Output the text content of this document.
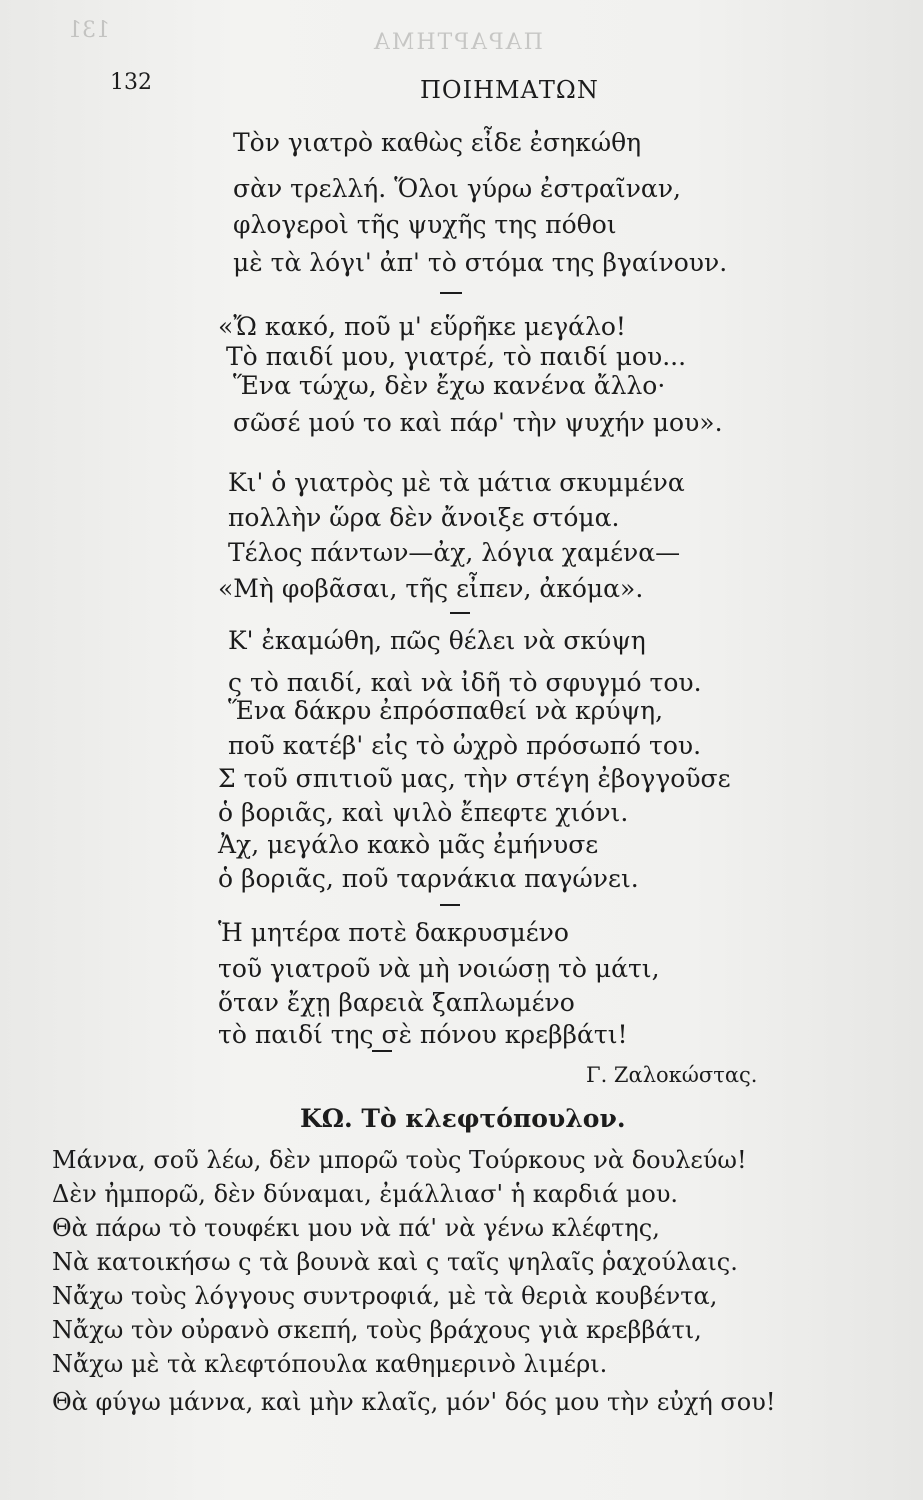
131	ΠΑΡΑΡΤΗΜΑ
132	ΠΟΙΗΜΑΤΩΝ
Τὸν γιατρὸ καθὼς εἶδε ἐσηκώθη
σὰν τρελλή. Ὅλοι γύρω ἐστραῖναν,
φλογεροὶ τῆς ψυχῆς της πόθοι
μὲ τὰ λόγι' ἀπ' τὸ στόμα της βγαίνουν.
«Ὤ κακό, ποῦ μ' εὕρῆκε μεγάλο!
Τὸ παιδί μου, γιατρέ, τὸ παιδί μου...
Ἕνα τώχω, δὲν ἔχω κανένα ἄλλο·
σῶσέ μού το καὶ πάρ' τὴν ψυχήν μου».
Κι' ὁ γιατρὸς μὲ τὰ μάτια σκυμμένα
πολλὴν ὥρα δὲν ἄνοιξε στόμα.
Τέλος πάντων—ἀχ, λόγια χαμένα—
«Μὴ φοβᾶσαι, τῆς εἶπεν, ἀκόμα».
Κ' ἐκαμώθη, πῶς θέλει νὰ σκύψη
ς τὸ παιδί, καὶ νὰ ἰδῆ τὸ σφυγμό του.
Ἕνα δάκρυ ἐπρόσπαθεί νὰ κρύψη,
ποῦ κατέβ' εἰς τὸ ὠχρὸ πρόσωπό του.
Σ τοῦ σπιτιοῦ μας, τὴν στέγη ἐβογγοῦσε
ὁ βοριᾶς, καὶ ψιλὸ ἔπεφτε χιόνι.
Ἀχ, μεγάλο κακὸ μᾶς ἐμήνυσε
ὁ βοριᾶς, ποῦ ταρνάκια παγώνει.
Ἡ μητέρα ποτὲ δακρυσμένο
τοῦ γιατροῦ νὰ μὴ νοιώσῃ τὸ μάτι,
ὅταν ἔχῃ βαρειὰ ξαπλωμένο
τὸ παιδί της σὲ πόνου κρεββάτι!
Γ. Ζαλοκώστας.
ΚΩ. Τὸ κλεφτόπουλον.
Μάννα, σοῦ λέω, δὲν μπορῶ τοὺς Τούρκους νὰ δουλεύω!
Δὲν ἠμπορῶ, δὲν δύναμαι, ἐμάλλιασ' ἡ καρδιά μου.
Θὰ πάρω τὸ τουφέκι μου νὰ πά' νὰ γένω κλέφτης,
Νὰ κατοικήσω ς τὰ βουνὰ καὶ ς ταῖς ψηλαῖς ῥαχούλαις.
Νἄχω τοὺς λόγγους συντροφιά, μὲ τὰ θεριὰ κουβέντα,
Νἄχω τὸν οὐρανὸ σκεπή, τοὺς βράχους γιὰ κρεββάτι,
Νἄχω μὲ τὰ κλεφτόπουλα καθημερινὸ λιμέρι.
Θὰ φύγω μάννα, καὶ μὴν κλαῖς, μόν' δός μου τὴν εὐχή σου!
